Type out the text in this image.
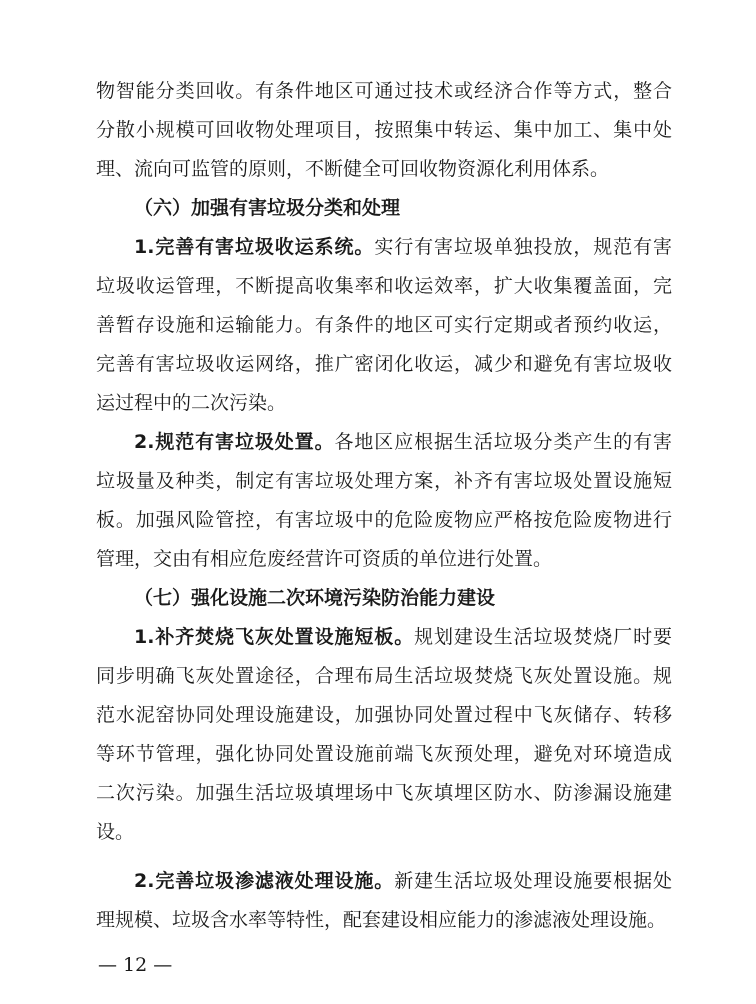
物智能分类回收。有条件地区可通过技术或经济合作等方式，整合
分散小规模可回收物处理项目，按照集中转运、集中加工、集中处
理、流向可监管的原则，不断健全可回收物资源化利用体系。
（六）加强有害垃圾分类和处理
1.完善有害垃圾收运系统。实行有害垃圾单独投放，规范有害
垃圾收运管理，不断提高收集率和收运效率，扩大收集覆盖面，完
善暂存设施和运输能力。有条件的地区可实行定期或者预约收运，
完善有害垃圾收运网络，推广密闭化收运，减少和避免有害垃圾收
运过程中的二次污染。
2.规范有害垃圾处置。各地区应根据生活垃圾分类产生的有害
垃圾量及种类，制定有害垃圾处理方案，补齐有害垃圾处置设施短
板。加强风险管控，有害垃圾中的危险废物应严格按危险废物进行
管理，交由有相应危废经营许可资质的单位进行处置。
（七）强化设施二次环境污染防治能力建设
1.补齐焚烧飞灰处置设施短板。规划建设生活垃圾焚烧厂时要
同步明确飞灰处置途径，合理布局生活垃圾焚烧飞灰处置设施。规
范水泥窑协同处理设施建设，加强协同处置过程中飞灰储存、转移
等环节管理，强化协同处置设施前端飞灰预处理，避免对环境造成
二次污染。加强生活垃圾填埋场中飞灰填埋区防水、防渗漏设施建
设。
2.完善垃圾渗滤液处理设施。新建生活垃圾处理设施要根据处
理规模、垃圾含水率等特性，配套建设相应能力的渗滤液处理设施。
— 12 —
